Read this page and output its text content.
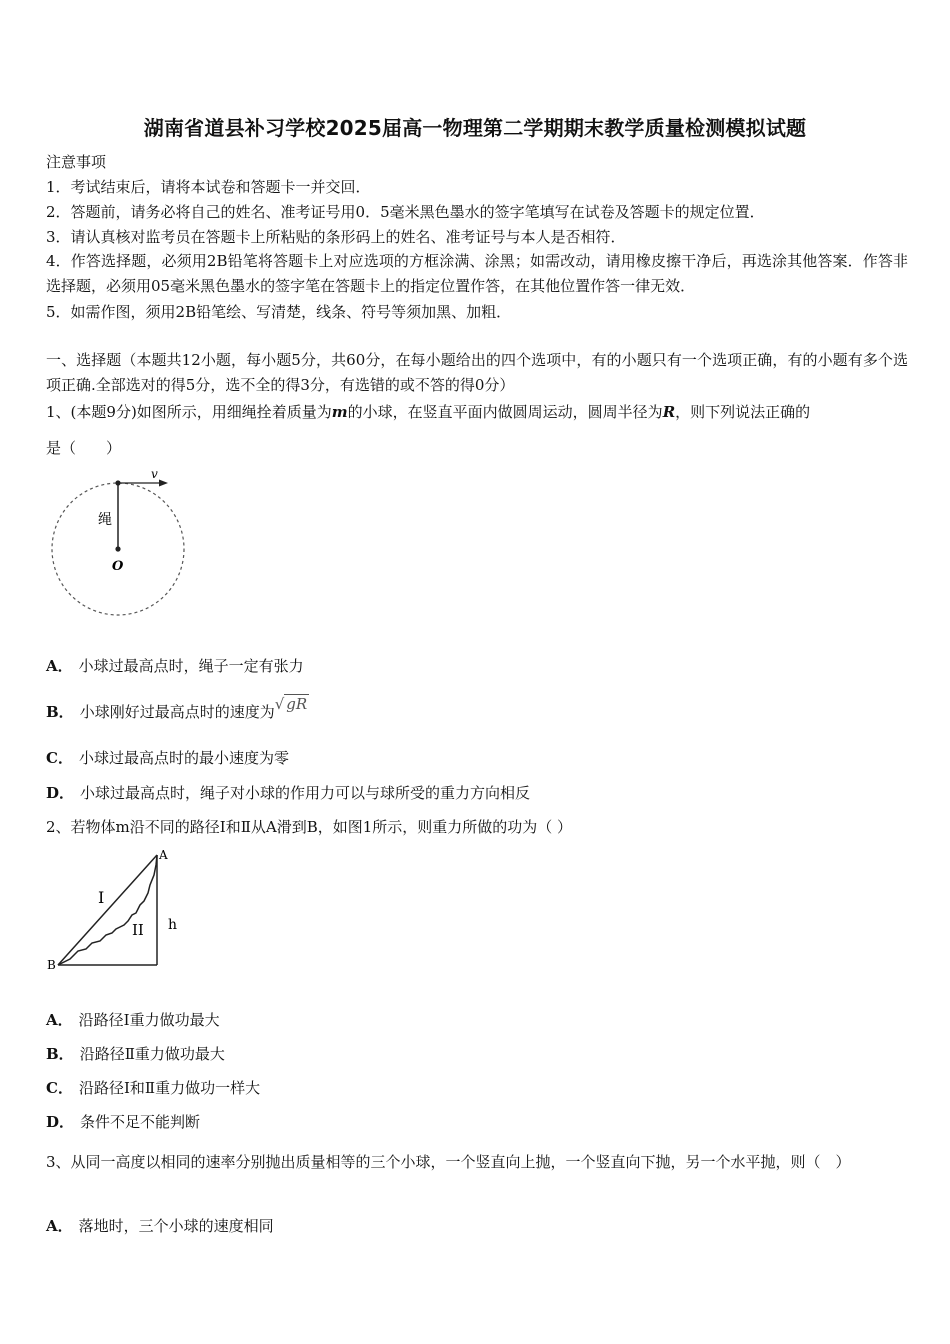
湖南省道县补习学校2025届高一物理第二学期期末教学质量检测模拟试题
注意事项
1．考试结束后，请将本试卷和答题卡一并交回．
2．答题前，请务必将自己的姓名、准考证号用0．5毫米黑色墨水的签字笔填写在试卷及答题卡的规定位置．
3．请认真核对监考员在答题卡上所粘贴的条形码上的姓名、准考证号与本人是否相符．
4．作答选择题，必须用2B铅笔将答题卡上对应选项的方框涂满、涂黑；如需改动，请用橡皮擦干净后，再选涂其他答案．作答非选择题，必须用05毫米黑色墨水的签字笔在答题卡上的指定位置作答，在其他位置作答一律无效．
5．如需作图，须用2B铅笔绘、写清楚，线条、符号等须加黑、加粗．
一、选择题（本题共12小题，每小题5分，共60分，在每小题给出的四个选项中，有的小题只有一个选项正确，有的小题有多个选项正确.全部选对的得5分，选不全的得3分，有选错的或不答的得0分）
1、(本题9分)如图所示，用细绳拴着质量为m的小球，在竖直平面内做圆周运动，圆周半径为R，则下列说法正确的
是（　　）
v
绳
O
A． 小球过最高点时，绳子一定有张力
B． 小球刚好过最高点时的速度为√ gR
C． 小球过最高点时的最小速度为零
D． 小球过最高点时，绳子对小球的作用力可以与球所受的重力方向相反
2、若物体m沿不同的路径Ⅰ和Ⅱ从A滑到B，如图1所示，则重力所做的功为（ ）
A
B
I
II h
A． 沿路径Ⅰ重力做功最大
B． 沿路径Ⅱ重力做功最大
C． 沿路径Ⅰ和Ⅱ重力做功一样大
D． 条件不足不能判断
3、从同一高度以相同的速率分别抛出质量相等的三个小球，一个竖直向上抛，一个竖直向下抛，另一个水平抛，则（　）
A． 落地时，三个小球的速度相同
